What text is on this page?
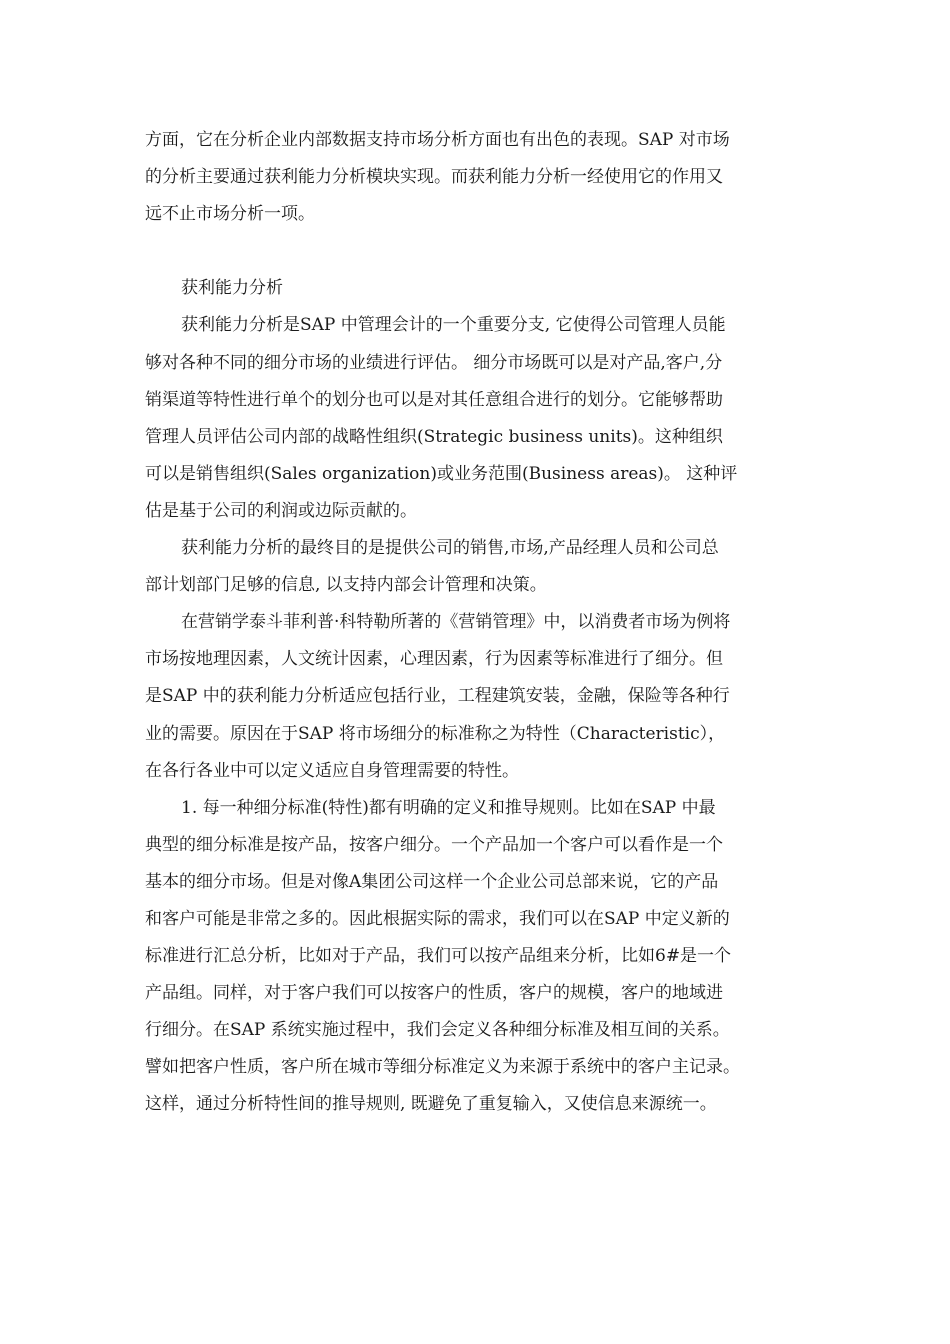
方面，它在分析企业内部数据支持市场分析方面也有出色的表现。SAP 对市场
的分析主要通过获利能力分析模块实现。而获利能力分析一经使用它的作用又
远不止市场分析一项。
获利能力分析
获利能力分析是SAP 中管理会计的一个重要分支, 它使得公司管理人员能
够对各种不同的细分市场的业绩进行评估。 细分市场既可以是对产品,客户,分
销渠道等特性进行单个的划分也可以是对其任意组合进行的划分。它能够帮助
管理人员评估公司内部的战略性组织(Strategic business units)。这种组织
可以是销售组织(Sales organization)或业务范围(Business areas)。 这种评
估是基于公司的利润或边际贡献的。
获利能力分析的最终目的是提供公司的销售,市场,产品经理人员和公司总
部计划部门足够的信息, 以支持内部会计管理和决策。
在营销学泰斗菲利普·科特勒所著的《营销管理》中，以消费者市场为例将
市场按地理因素，人文统计因素，心理因素，行为因素等标准进行了细分。但
是SAP 中的获利能力分析适应包括行业，工程建筑安装，金融，保险等各种行
业的需要。原因在于SAP 将市场细分的标准称之为特性（Characteristic），
在各行各业中可以定义适应自身管理需要的特性。
1. 每一种细分标准(特性)都有明确的定义和推导规则。比如在SAP 中最
典型的细分标准是按产品，按客户细分。一个产品加一个客户可以看作是一个
基本的细分市场。但是对像A集团公司这样一个企业公司总部来说，它的产品
和客户可能是非常之多的。因此根据实际的需求，我们可以在SAP 中定义新的
标准进行汇总分析，比如对于产品，我们可以按产品组来分析，比如6#是一个
产品组。同样，对于客户我们可以按客户的性质，客户的规模，客户的地域进
行细分。在SAP 系统实施过程中，我们会定义各种细分标准及相互间的关系。
譬如把客户性质，客户所在城市等细分标准定义为来源于系统中的客户主记录。
这样，通过分析特性间的推导规则, 既避免了重复输入，又使信息来源统一。
